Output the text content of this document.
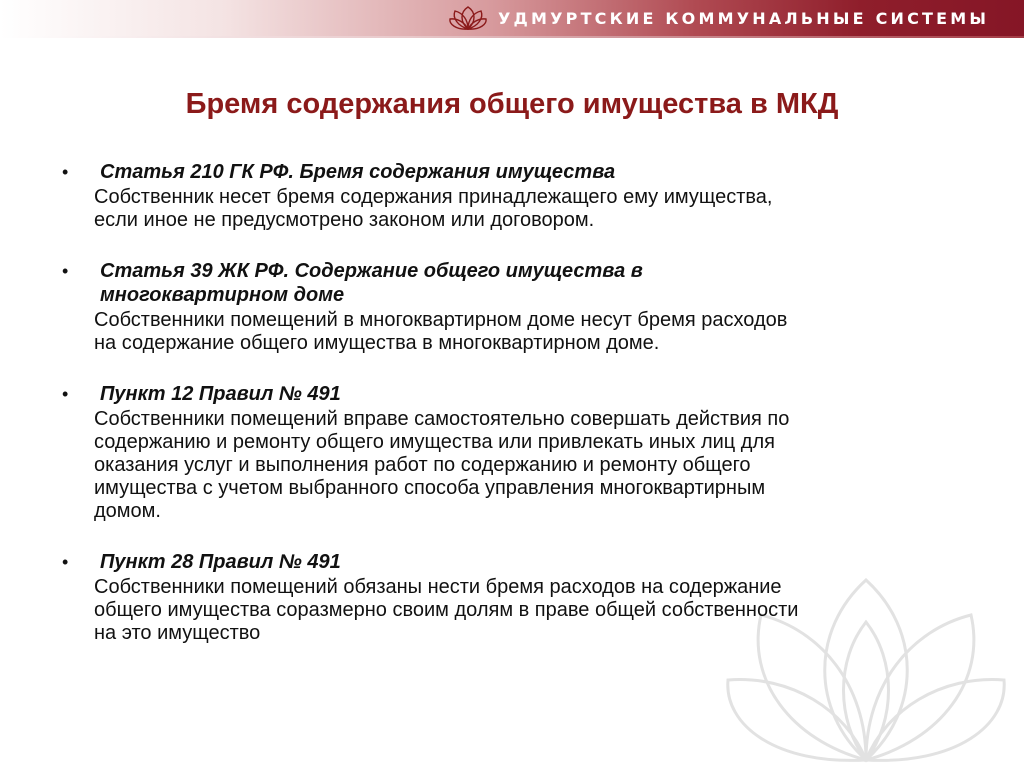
УДМУРТСКИЕ КОММУНАЛЬНЫЕ СИСТЕМЫ
Бремя содержания общего имущества в МКД
• Статья 210 ГК РФ. Бремя содержания имущества
Собственник несет бремя содержания принадлежащего ему имущества,
если иное не предусмотрено законом или договором.
• Статья 39 ЖК РФ. Содержание общего имущества в
многоквартирном доме
Собственники помещений в многоквартирном доме несут бремя расходов
на содержание общего имущества в многоквартирном доме.
• Пункт 12 Правил № 491
Собственники помещений вправе самостоятельно совершать действия по
содержанию и ремонту общего имущества или привлекать иных лиц для
оказания услуг и выполнения работ по содержанию и ремонту общего
имущества с учетом выбранного способа управления многоквартирным
домом.
• Пункт 28 Правил № 491
Собственники помещений обязаны нести бремя расходов на содержание
общего имущества соразмерно своим долям в праве общей собственности
на это имущество
